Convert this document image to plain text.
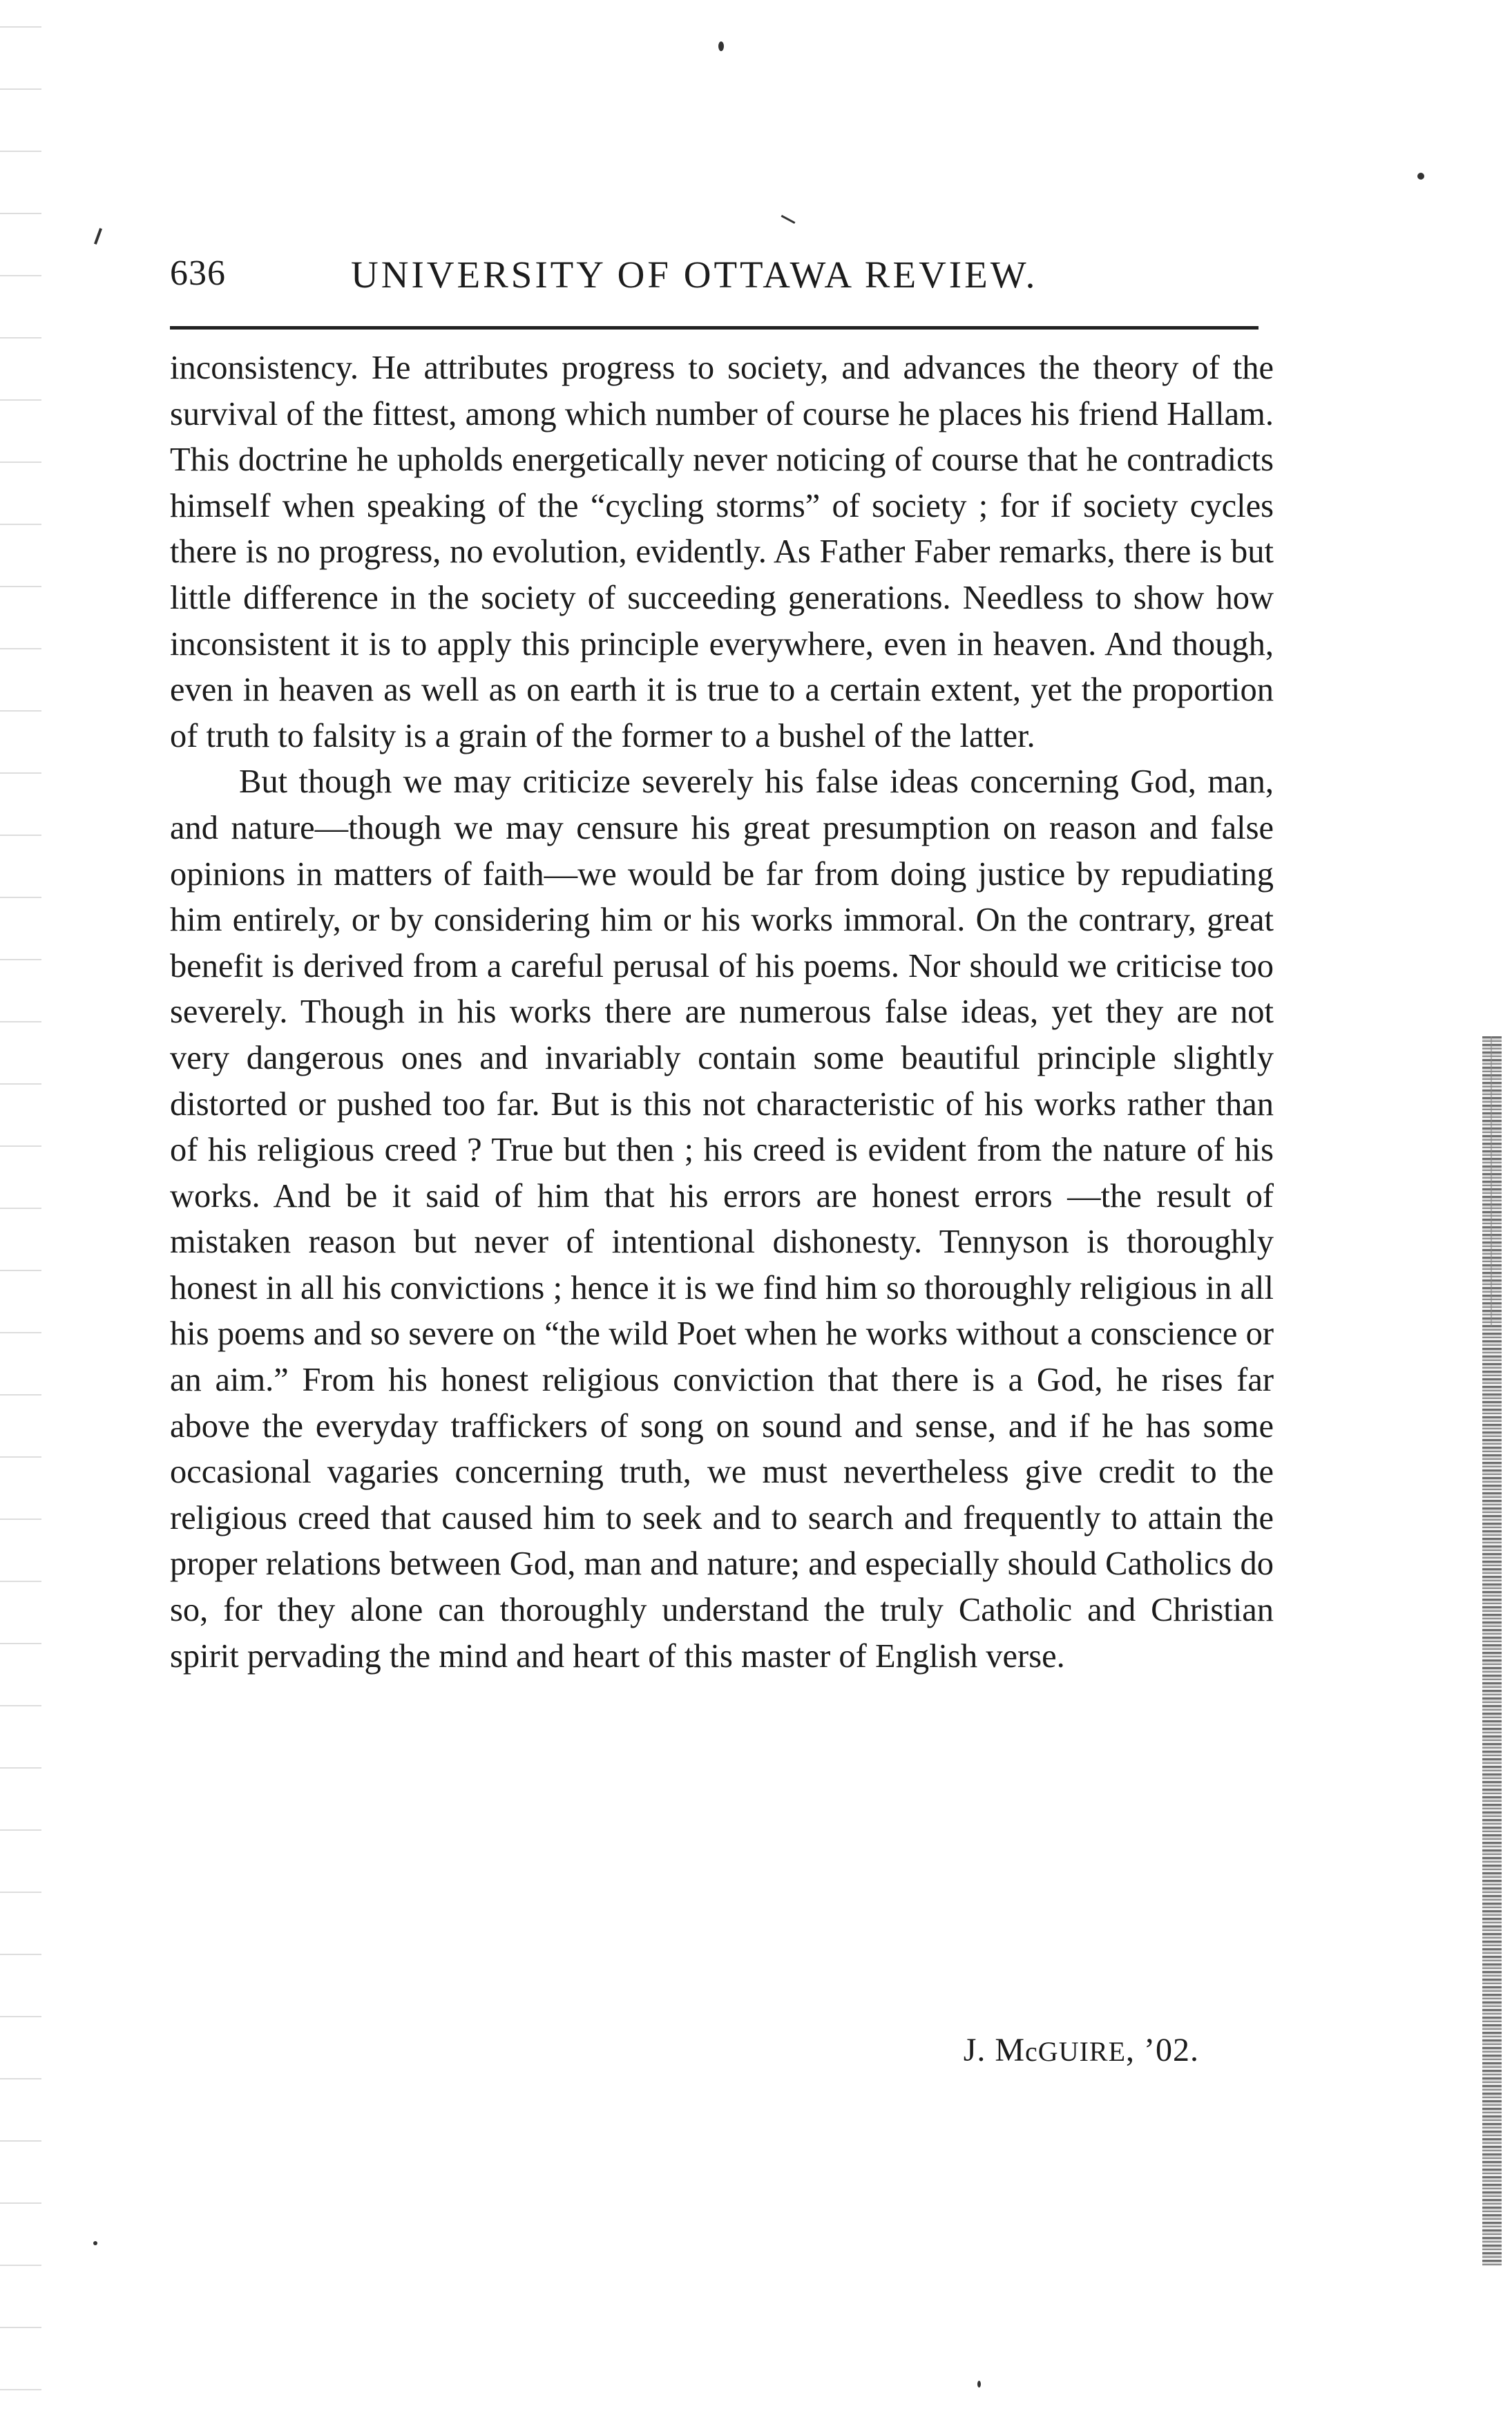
636	UNIVERSITY OF OTTAWA REVIEW.

inconsistency. He attributes progress to society, and advances the theory of the survival of the fittest, among which number of course he places his friend Hallam. This doctrine he upholds energetically never noticing of course that he contradicts himself when speaking of the “cycling storms” of society ; for if society cycles there is no progress, no evolution, evidently. As Father Faber remarks, there is but little difference in the society of succeeding generations. Needless to show how inconsistent it is to apply this principle everywhere, even in heaven. And though, even in heaven as well as on earth it is true to a certain extent, yet the proportion of truth to falsity is a grain of the former to a bushel of the latter.

But though we may criticize severely his false ideas concerning God, man, and nature—though we may censure his great presumption on reason and false opinions in matters of faith—we would be far from doing justice by repudiating him entirely, or by considering him or his works immoral. On the contrary, great benefit is derived from a careful perusal of his poems. Nor should we criticise too severely. Though in his works there are numerous false ideas, yet they are not very dangerous ones and invariably contain some beautiful principle slightly distorted or pushed too far. But is this not characteristic of his works rather than of his religious creed ? True but then ; his creed is evident from the nature of his works. And be it said of him that his errors are honest errors —the result of mistaken reason but never of intentional dishonesty. Tennyson is thoroughly honest in all his convictions ; hence it is we find him so thoroughly religious in all his poems and so severe on “the wild Poet when he works without a conscience or an aim.” From his honest religious conviction that there is a God, he rises far above the everyday traffickers of song on sound and sense, and if he has some occasional vagaries concerning truth, we must nevertheless give credit to the religious creed that caused him to seek and to search and frequently to attain the proper relations between God, man and nature; and especially should Catholics do so, for they alone can thoroughly understand the truly Catholic and Christian spirit pervading the mind and heart of this master of English verse.

J. McGUIRE, ’02.
